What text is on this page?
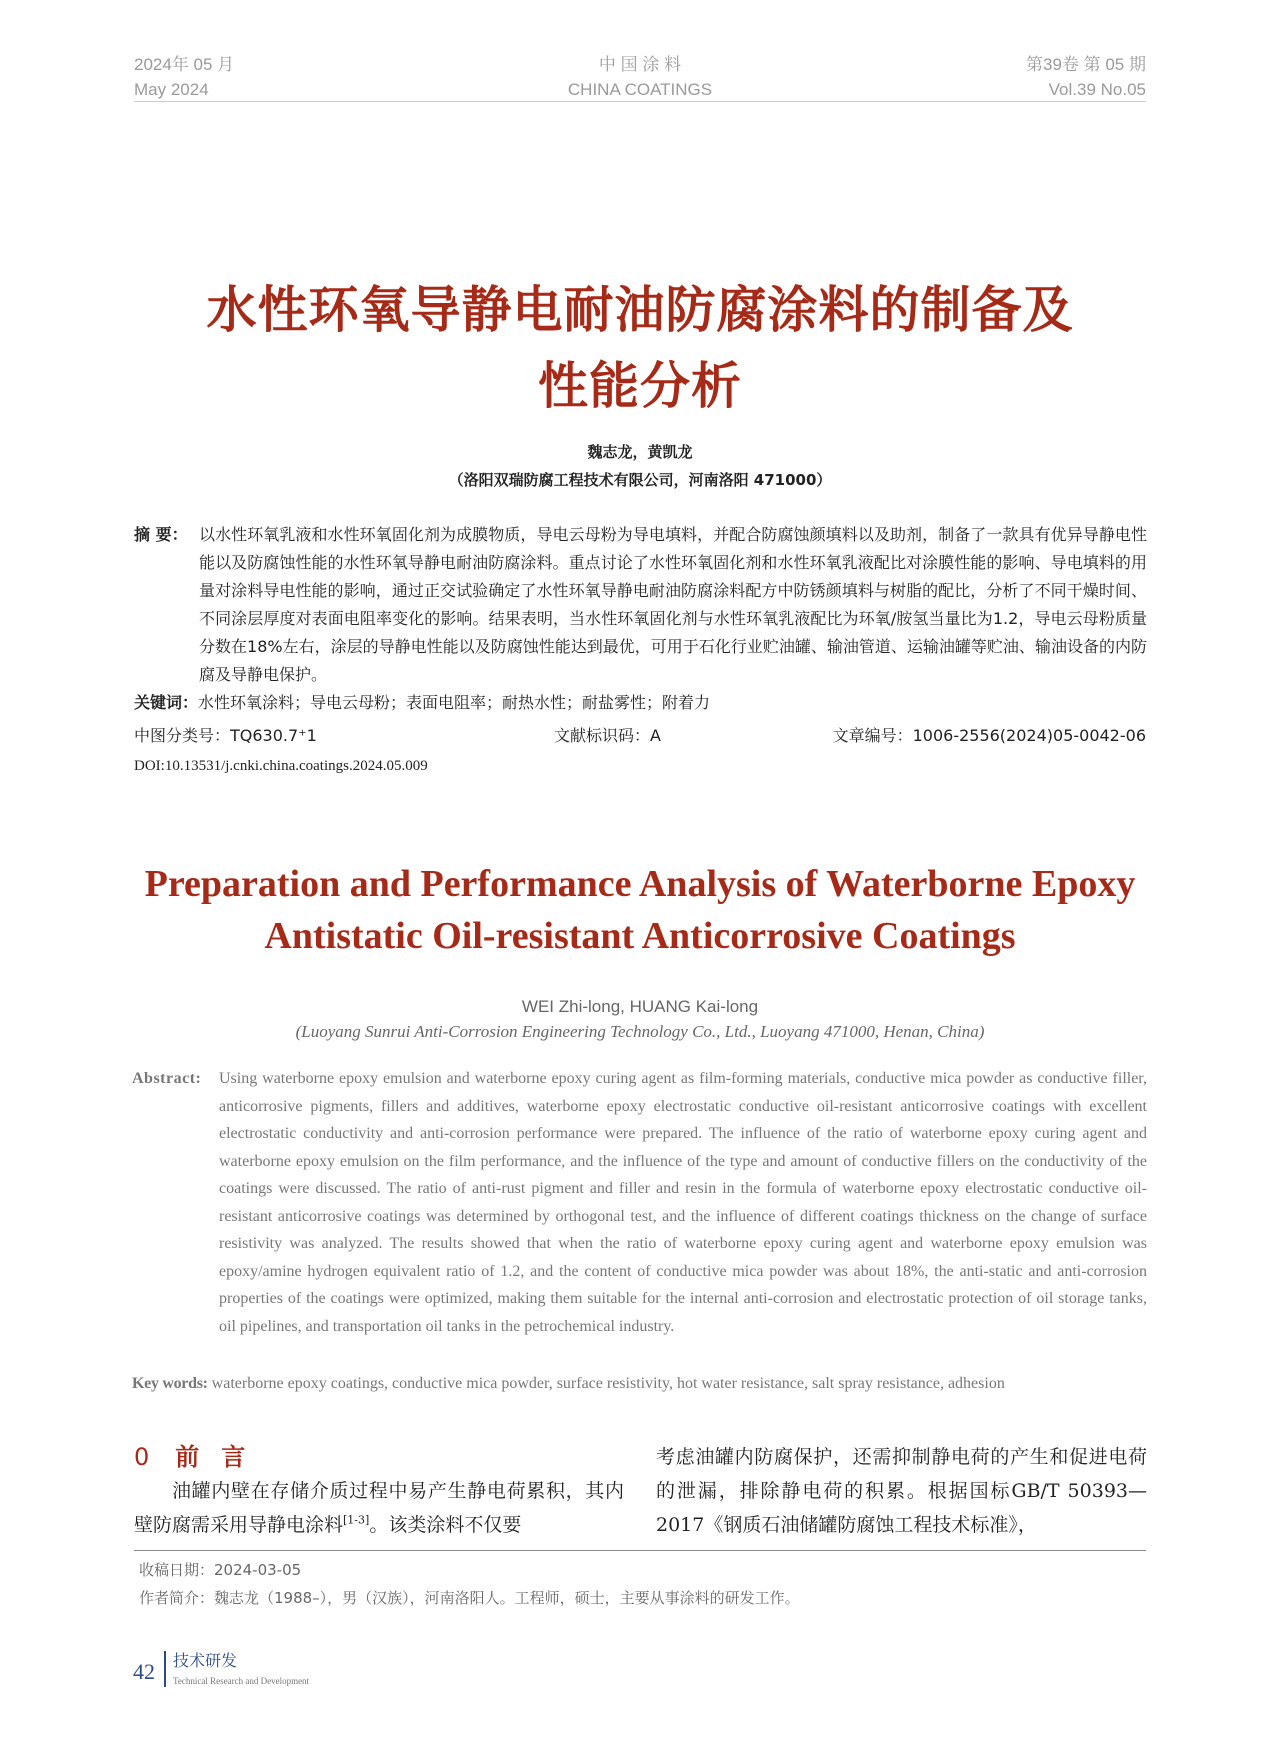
2024年 05 月
May 2024
中 国 涂 料
CHINA COATINGS
第39卷 第 05 期
Vol.39 No.05
水性环氧导静电耐油防腐涂料的制备及
性能分析
魏志龙，黄凯龙
（洛阳双瑞防腐工程技术有限公司，河南洛阳 471000）
摘 要： 以水性环氧乳液和水性环氧固化剂为成膜物质，导电云母粉为导电填料，并配合防腐蚀颜填料以及助剂，制备了一款具有优异导静电性能以及防腐蚀性能的水性环氧导静电耐油防腐涂料。重点讨论了水性环氧固化剂和水性环氧乳液配比对涂膜性能的影响、导电填料的用量对涂料导电性能的影响，通过正交试验确定了水性环氧导静电耐油防腐涂料配方中防锈颜填料与树脂的配比，分析了不同干燥时间、不同涂层厚度对表面电阻率变化的影响。结果表明，当水性环氧固化剂与水性环氧乳液配比为环氧/胺氢当量比为1.2，导电云母粉质量分数在18%左右，涂层的导静电性能以及防腐蚀性能达到最优，可用于石化行业贮油罐、输油管道、运输油罐等贮油、输油设备的内防腐及导静电保护。
关键词：水性环氧涂料；导电云母粉；表面电阻率；耐热水性；耐盐雾性；附着力
中图分类号：TQ630.7⁺1	文献标识码：A	文章编号：1006-2556(2024)05-0042-06
DOI:10.13531/j.cnki.china.coatings.2024.05.009
Preparation and Performance Analysis of Waterborne Epoxy
Antistatic Oil-resistant Anticorrosive Coatings
WEI Zhi-long, HUANG Kai-long
(Luoyang Sunrui Anti-Corrosion Engineering Technology Co., Ltd., Luoyang 471000, Henan, China)
Abstract: Using waterborne epoxy emulsion and waterborne epoxy curing agent as film-forming materials, conductive mica powder as conductive filler, anticorrosive pigments, fillers and additives, waterborne epoxy electrostatic conductive oil-resistant anticorrosive coatings with excellent electrostatic conductivity and anti-corrosion performance were prepared. The influence of the ratio of waterborne epoxy curing agent and waterborne epoxy emulsion on the film performance, and the influence of the type and amount of conductive fillers on the conductivity of the coatings were discussed. The ratio of anti-rust pigment and filler and resin in the formula of waterborne epoxy electrostatic conductive oil-resistant anticorrosive coatings was determined by orthogonal test, and the influence of different coatings thickness on the change of surface resistivity was analyzed. The results showed that when the ratio of waterborne epoxy curing agent and waterborne epoxy emulsion was epoxy/amine hydrogen equivalent ratio of 1.2, and the content of conductive mica powder was about 18%, the anti-static and anti-corrosion properties of the coatings were optimized, making them suitable for the internal anti-corrosion and electrostatic protection of oil storage tanks, oil pipelines, and transportation oil tanks in the petrochemical industry.
Key words: waterborne epoxy coatings, conductive mica powder, surface resistivity, hot water resistance, salt spray resistance, adhesion
0 前言
油罐内壁在存储介质过程中易产生静电荷累积，其内壁防腐需采用导静电涂料[1-3]。该类涂料不仅要
考虑油罐内防腐保护，还需抑制静电荷的产生和促进电荷的泄漏，排除静电荷的积累。根据国标GB/T 50393—2017《钢质石油储罐防腐蚀工程技术标准》，
收稿日期：2024-03-05
作者简介：魏志龙（1988–），男（汉族），河南洛阳人。工程师，硕士，主要从事涂料的研发工作。
42 技术研发
Technical Research and Development
